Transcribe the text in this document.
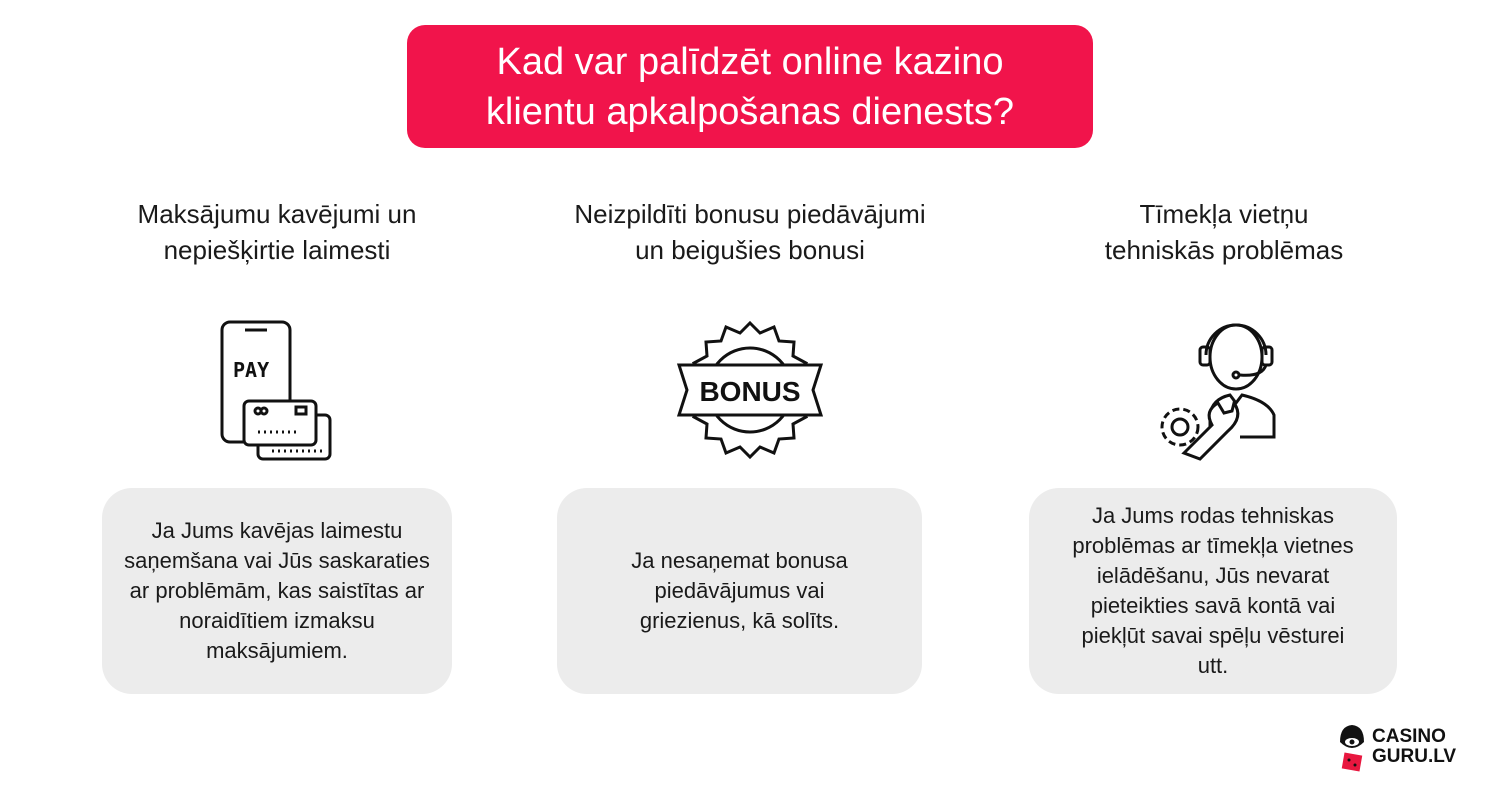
Kad var palīdzēt online kazino
klientu apkalpošanas dienests?
Maksājumu kavējumi un
nepiešķirtie laimesti
Neizpildīti bonusu piedāvājumi
un beigušies bonusi
Tīmekļa vietņu
tehniskās problēmas
PAY
BONUS
Ja Jums kavējas laimestu saņemšana vai Jūs saskaraties ar problēmām, kas saistītas ar noraidītiem izmaksu maksājumiem.
Ja nesaņemat bonusa piedāvājumus vai griezienus, kā solīts.
Ja Jums rodas tehniskas problēmas ar tīmekļa vietnes ielādēšanu, Jūs nevarat pieteikties savā kontā vai piekļūt savai spēļu vēsturei utt.
CASINO
GURU.LV
